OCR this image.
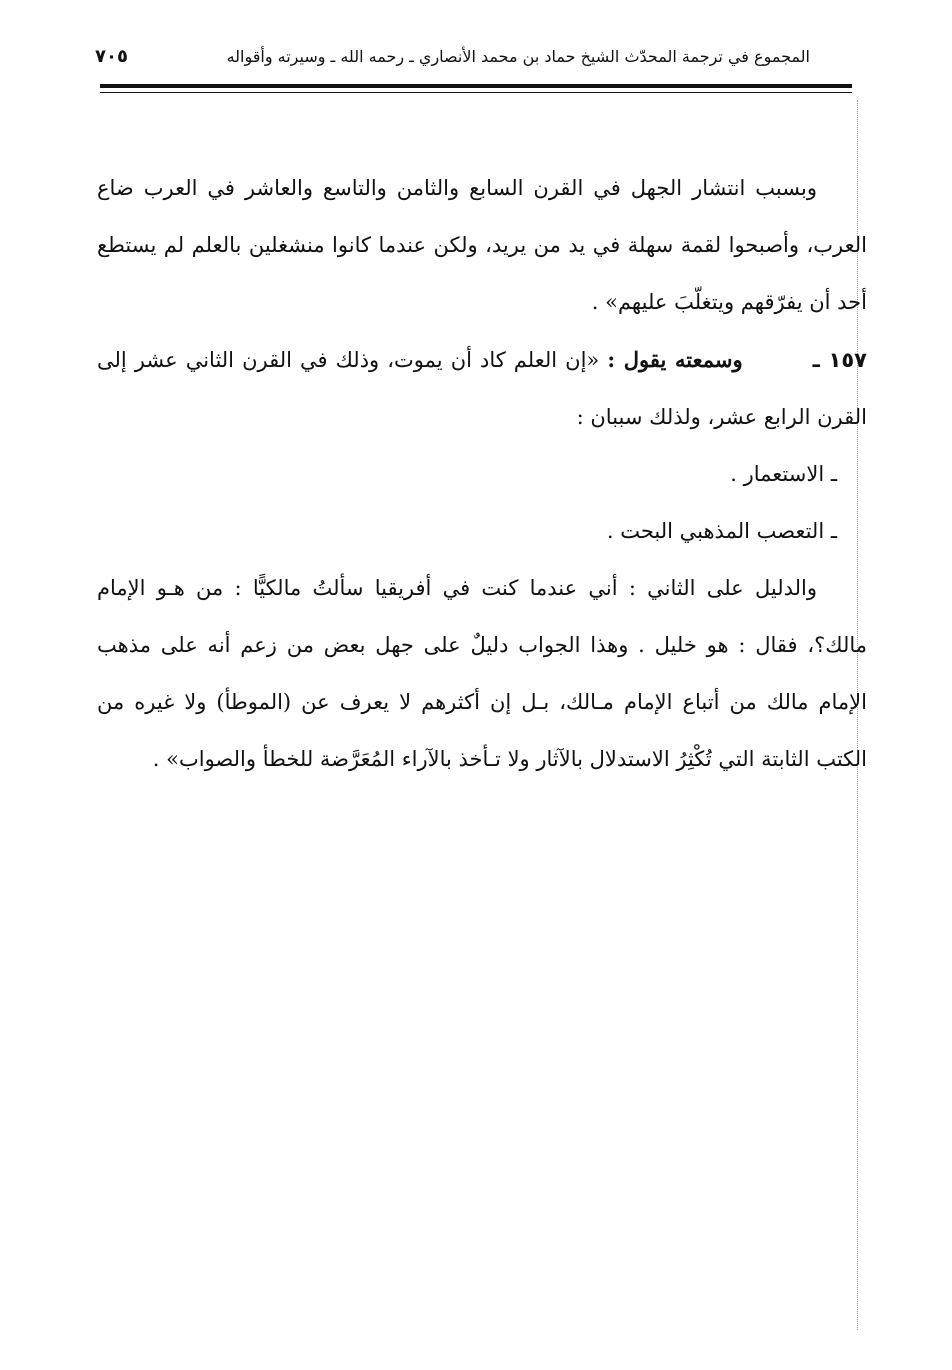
المجموع في ترجمة المحدّث الشيخ حماد بن محمد الأنصاري ـ رحمه الله ـ وسيرته وأقواله
٧٠٥

وبسبب انتشار الجهل في القرن السابع والثامن والتاسع والعاشر في العرب ضاع العرب، وأصبحوا لقمة سهلة في يد من يريد، ولكن عندما كانوا منشغلين بالعلم لم يستطع أحد أن يفرّقهم ويتغلّبَ عليهم» .

١٥٧ ـوسمعته يقول : «إن العلم كاد أن يموت، وذلك في القرن الثاني عشر إلى القرن الرابع عشر، ولذلك سببان :

ـ الاستعمار .

ـ التعصب المذهبي البحت .

والدليل على الثاني : أني عندما كنت في أفريقيا سألتُ مالكيًّا : من هـو الإمام مالك؟، فقال : هو خليل . وهذا الجواب دليلٌ على جهل بعض من زعم أنه على مذهب الإمام مالك من أتباع الإمام مـالك، بـل إن أكثرهم لا يعرف عن (الموطأ) ولا غيره من الكتب الثابتة التي تُكْثِرُ الاستدلال بالآثار ولا تـأخذ بالآراء المُعَرَّضة للخطأ والصواب» .
